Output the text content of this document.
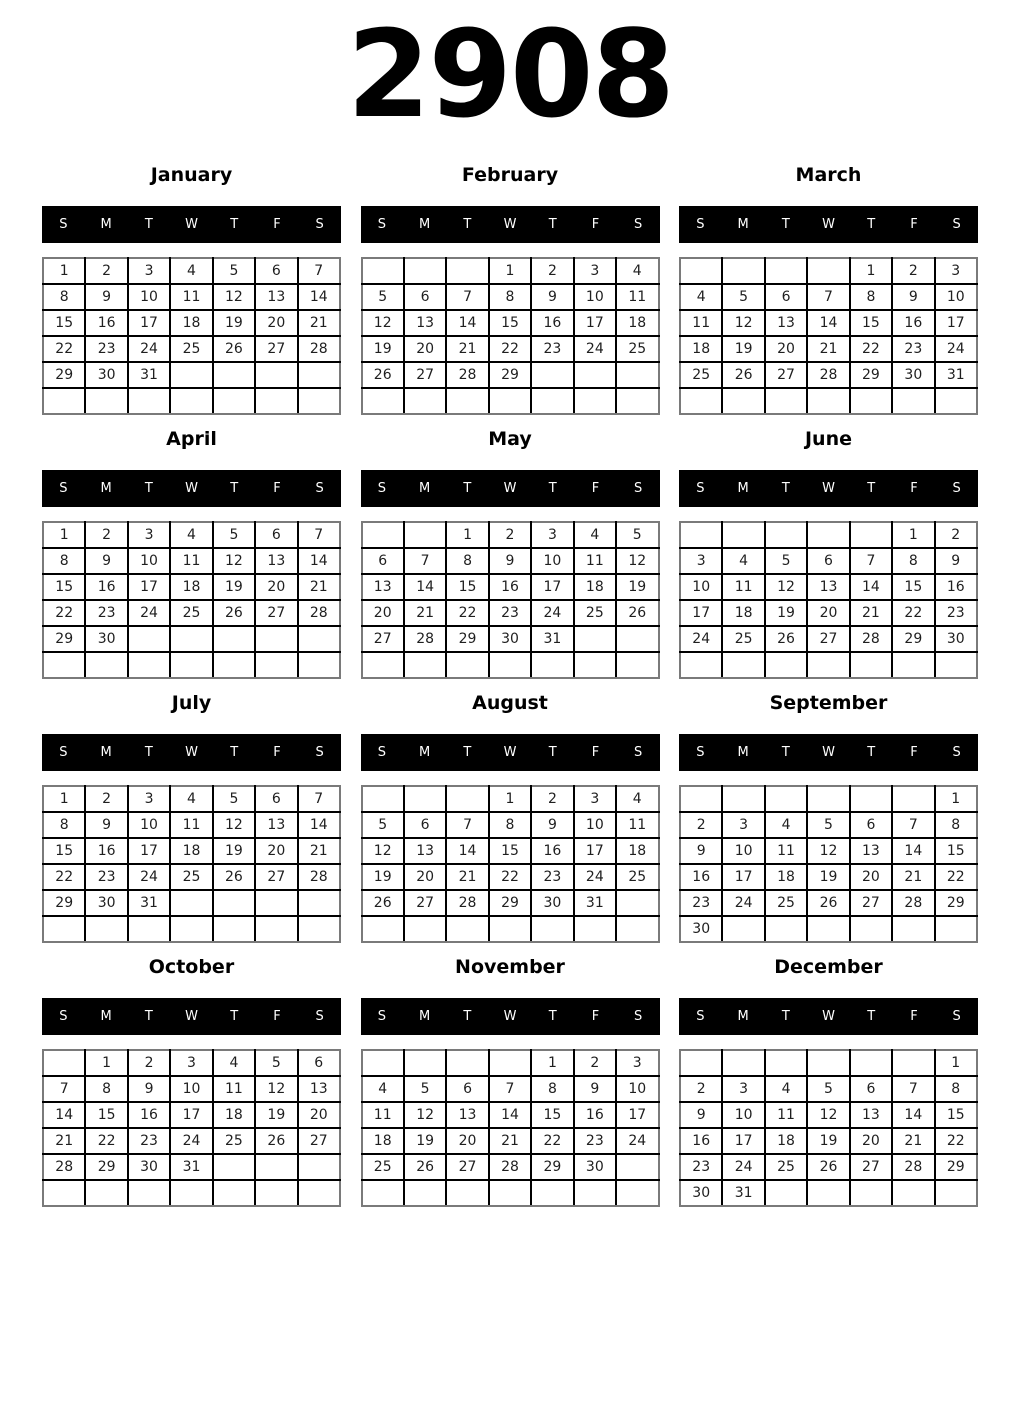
2908
January
S	M	T	W	T	F	S
1	2	3	4	5	6	7
8	9	10	11	12	13	14
15	16	17	18	19	20	21
22	23	24	25	26	27	28
29	30	31				

February
S	M	T	W	T	F	S
			1	2	3	4
5	6	7	8	9	10	11
12	13	14	15	16	17	18
19	20	21	22	23	24	25
26	27	28	29			

March
S	M	T	W	T	F	S
				1	2	3
4	5	6	7	8	9	10
11	12	13	14	15	16	17
18	19	20	21	22	23	24
25	26	27	28	29	30	31

April
S	M	T	W	T	F	S
1	2	3	4	5	6	7
8	9	10	11	12	13	14
15	16	17	18	19	20	21
22	23	24	25	26	27	28
29	30					

May
S	M	T	W	T	F	S
		1	2	3	4	5
6	7	8	9	10	11	12
13	14	15	16	17	18	19
20	21	22	23	24	25	26
27	28	29	30	31		

June
S	M	T	W	T	F	S
					1	2
3	4	5	6	7	8	9
10	11	12	13	14	15	16
17	18	19	20	21	22	23
24	25	26	27	28	29	30

July
S	M	T	W	T	F	S
1	2	3	4	5	6	7
8	9	10	11	12	13	14
15	16	17	18	19	20	21
22	23	24	25	26	27	28
29	30	31				

August
S	M	T	W	T	F	S
			1	2	3	4
5	6	7	8	9	10	11
12	13	14	15	16	17	18
19	20	21	22	23	24	25
26	27	28	29	30	31	

September
S	M	T	W	T	F	S
						1
2	3	4	5	6	7	8
9	10	11	12	13	14	15
16	17	18	19	20	21	22
23	24	25	26	27	28	29
30						
October
S	M	T	W	T	F	S
	1	2	3	4	5	6
7	8	9	10	11	12	13
14	15	16	17	18	19	20
21	22	23	24	25	26	27
28	29	30	31			

November
S	M	T	W	T	F	S
				1	2	3
4	5	6	7	8	9	10
11	12	13	14	15	16	17
18	19	20	21	22	23	24
25	26	27	28	29	30	

December
S	M	T	W	T	F	S
						1
2	3	4	5	6	7	8
9	10	11	12	13	14	15
16	17	18	19	20	21	22
23	24	25	26	27	28	29
30	31					
